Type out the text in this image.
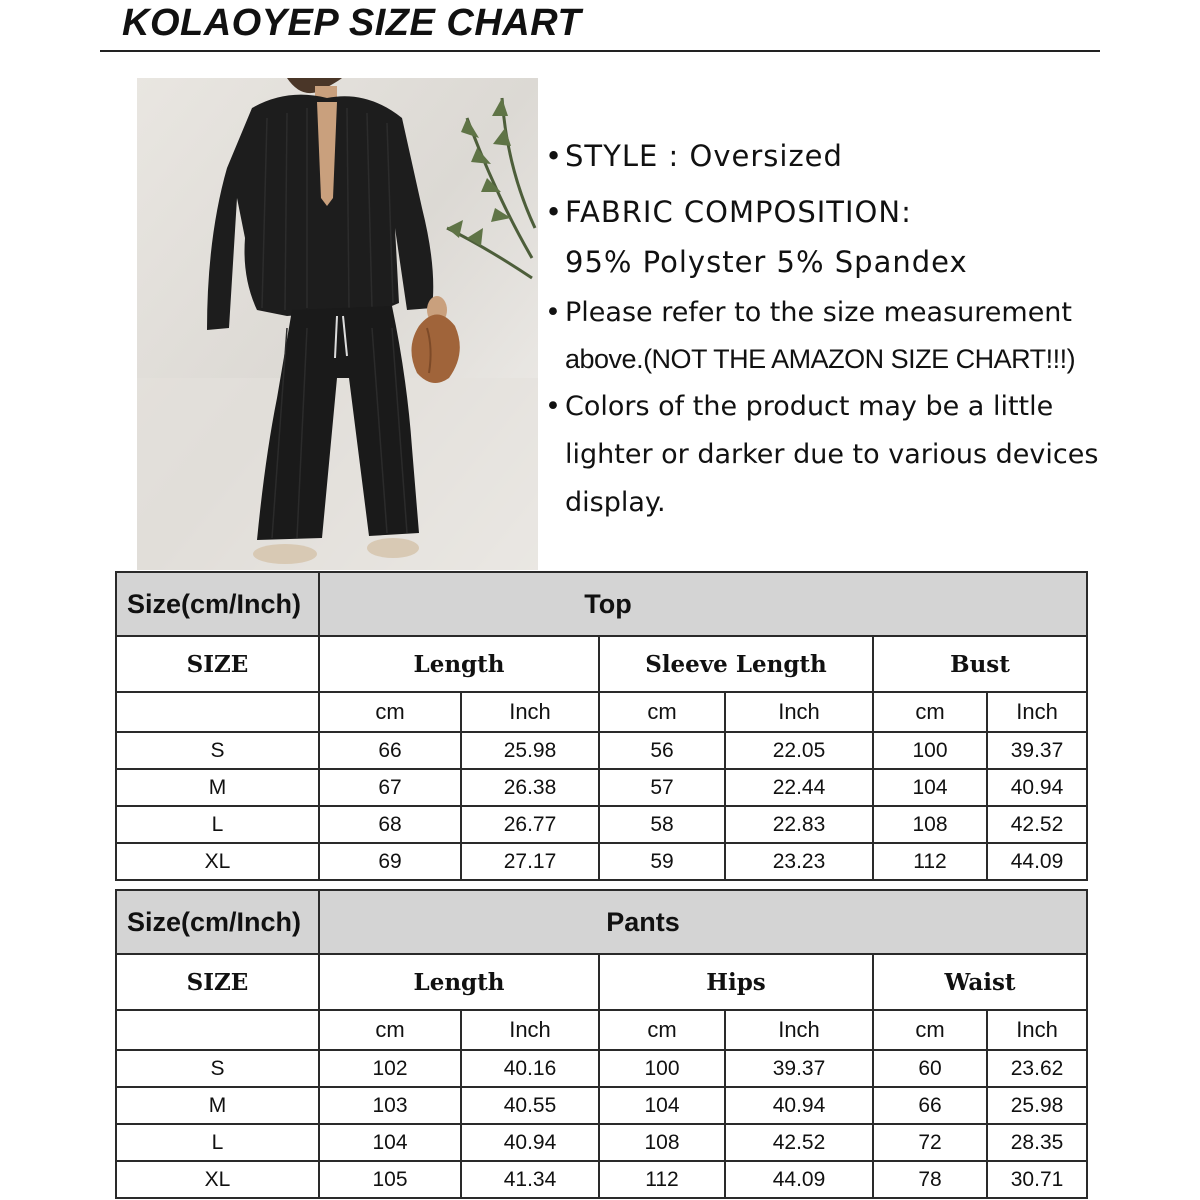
KOLAOYEP SIZE CHART
• STYLE : Oversized
• FABRIC COMPOSITION:
95% Polyster 5% Spandex
• Please refer to the size measurement
above.(NOT THE AMAZON SIZE CHART!!!)
• Colors of the product may be a little
lighter or darker due to various devices
display.
Size(cm/Inch)	Top					
SIZE	Length		Sleeve Length		Bust	
	cm	Inch	cm	Inch	cm	Inch
S	66	25.98	56	22.05	100	39.37
M	67	26.38	57	22.44	104	40.94
L	68	26.77	58	22.83	108	42.52
XL	69	27.17	59	23.23	112	44.09
Size(cm/Inch)	Pants					
SIZE	Length		Hips		Waist	
	cm	Inch	cm	Inch	cm	Inch
S	102	40.16	100	39.37	60	23.62
M	103	40.55	104	40.94	66	25.98
L	104	40.94	108	42.52	72	28.35
XL	105	41.34	112	44.09	78	30.71
